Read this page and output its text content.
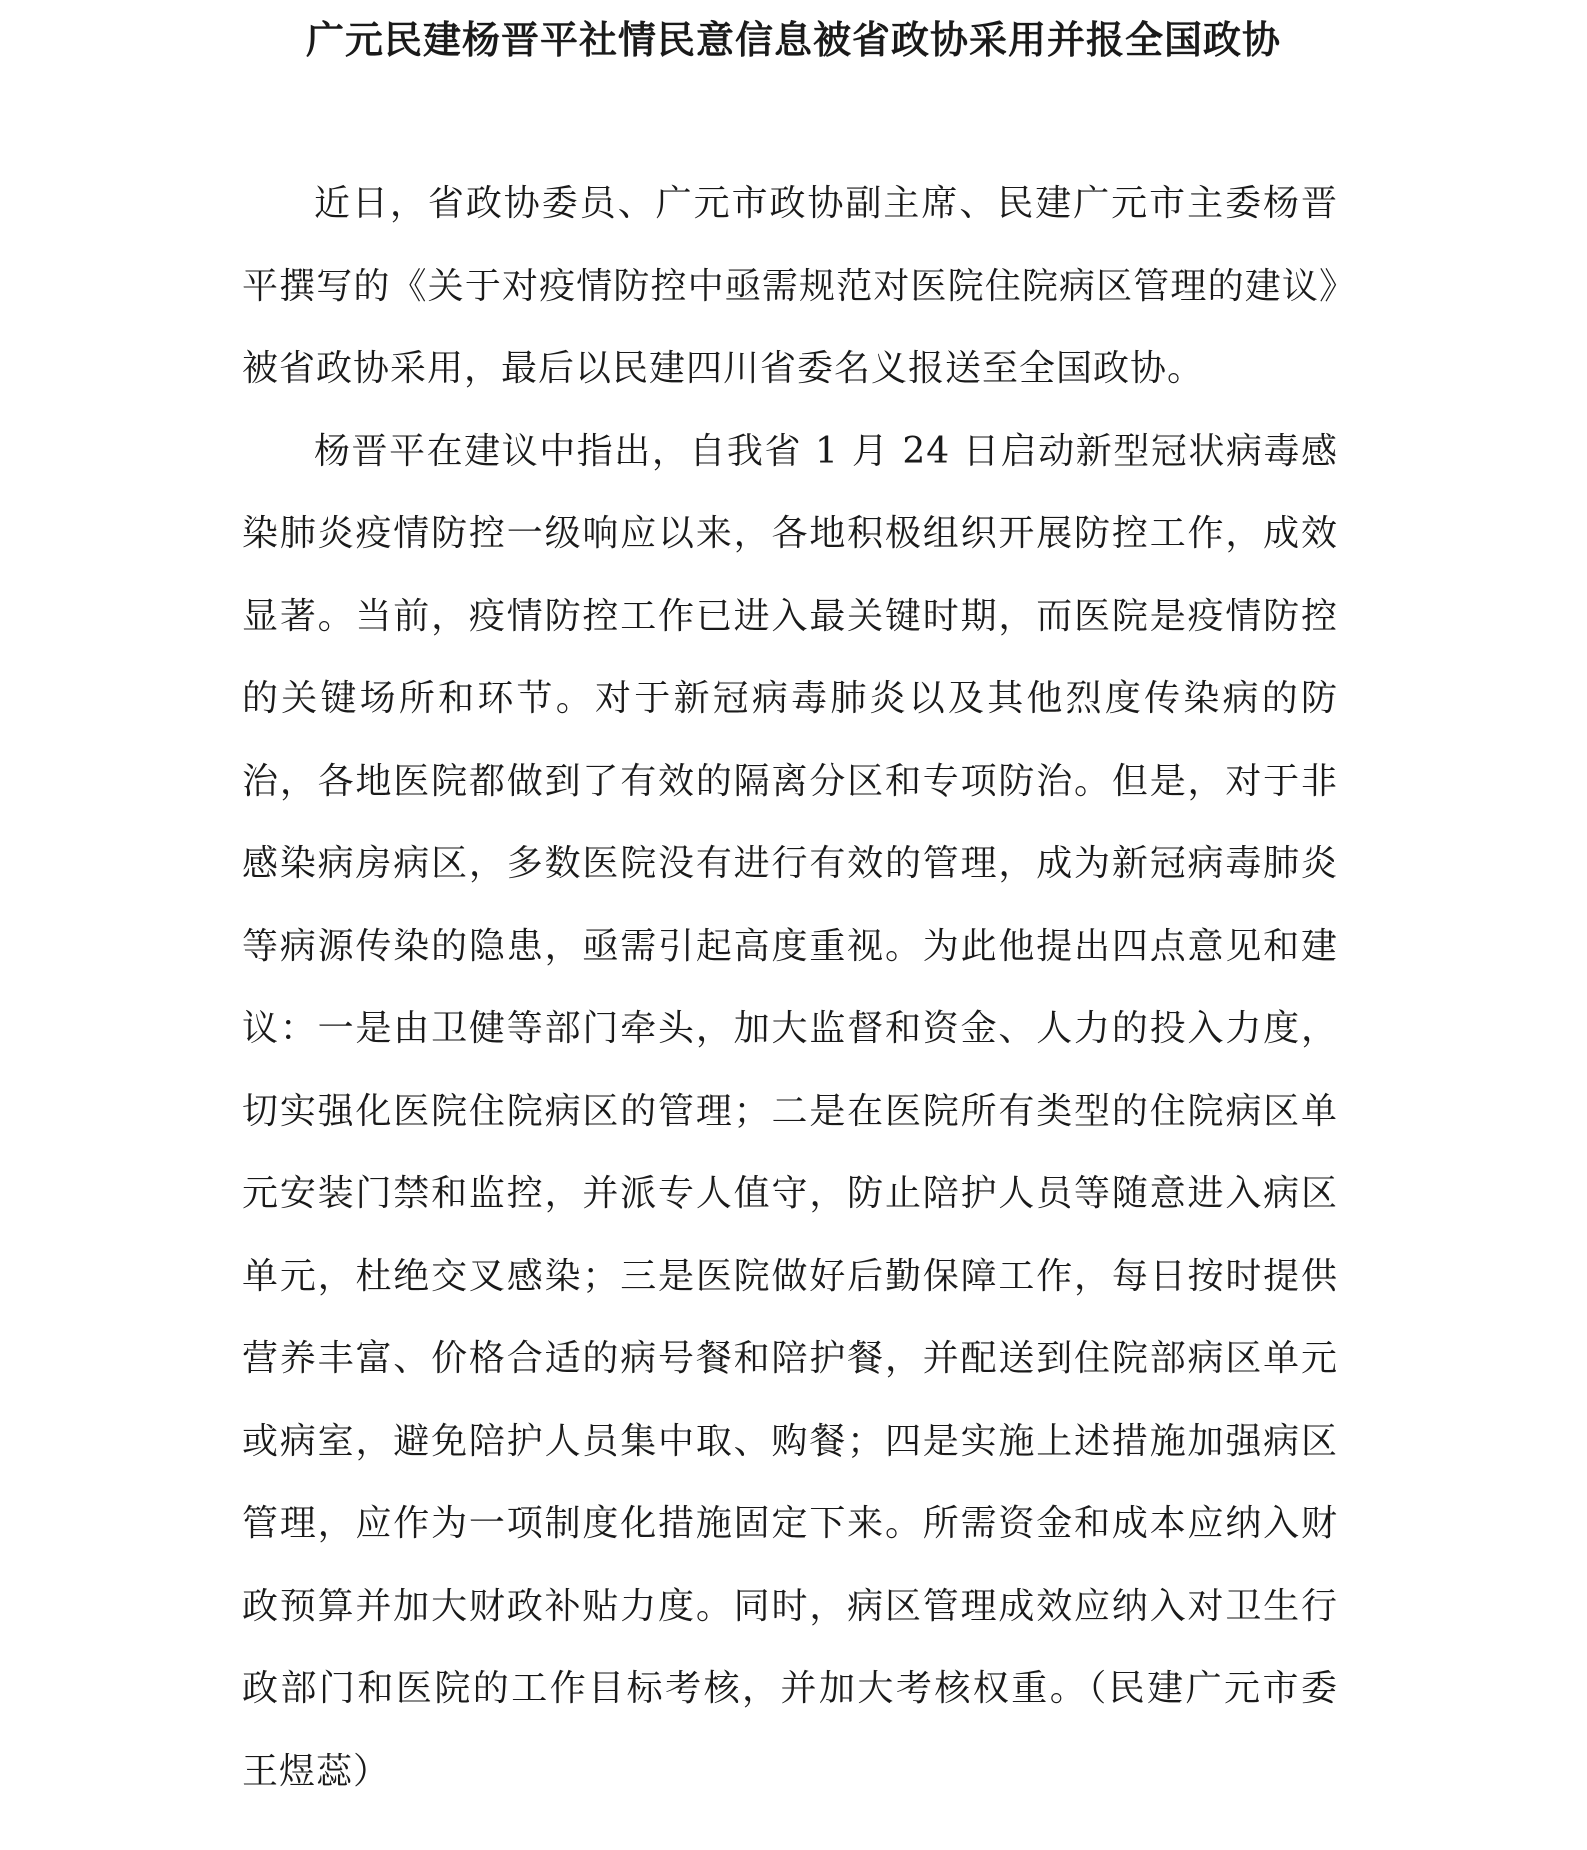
广元民建杨晋平社情民意信息被省政协采用并报全国政协

近日，省政协委员、广元市政协副主席、民建广元市主委杨晋平撰写的《关于对疫情防控中亟需规范对医院住院病区管理的建议》被省政协采用，最后以民建四川省委名义报送至全国政协。

杨晋平在建议中指出，自我省 1 月 24 日启动新型冠状病毒感染肺炎疫情防控一级响应以来，各地积极组织开展防控工作，成效显著。当前，疫情防控工作已进入最关键时期，而医院是疫情防控的关键场所和环节。对于新冠病毒肺炎以及其他烈度传染病的防治，各地医院都做到了有效的隔离分区和专项防治。但是，对于非感染病房病区，多数医院没有进行有效的管理，成为新冠病毒肺炎等病源传染的隐患，亟需引起高度重视。为此他提出四点意见和建议：一是由卫健等部门牵头，加大监督和资金、人力的投入力度，切实强化医院住院病区的管理；二是在医院所有类型的住院病区单元安装门禁和监控，并派专人值守，防止陪护人员等随意进入病区单元，杜绝交叉感染；三是医院做好后勤保障工作，每日按时提供营养丰富、价格合适的病号餐和陪护餐，并配送到住院部病区单元或病室，避免陪护人员集中取、购餐；四是实施上述措施加强病区管理，应作为一项制度化措施固定下来。所需资金和成本应纳入财政预算并加大财政补贴力度。同时，病区管理成效应纳入对卫生行政部门和医院的工作目标考核，并加大考核权重。（民建广元市委 王煜蕊）
